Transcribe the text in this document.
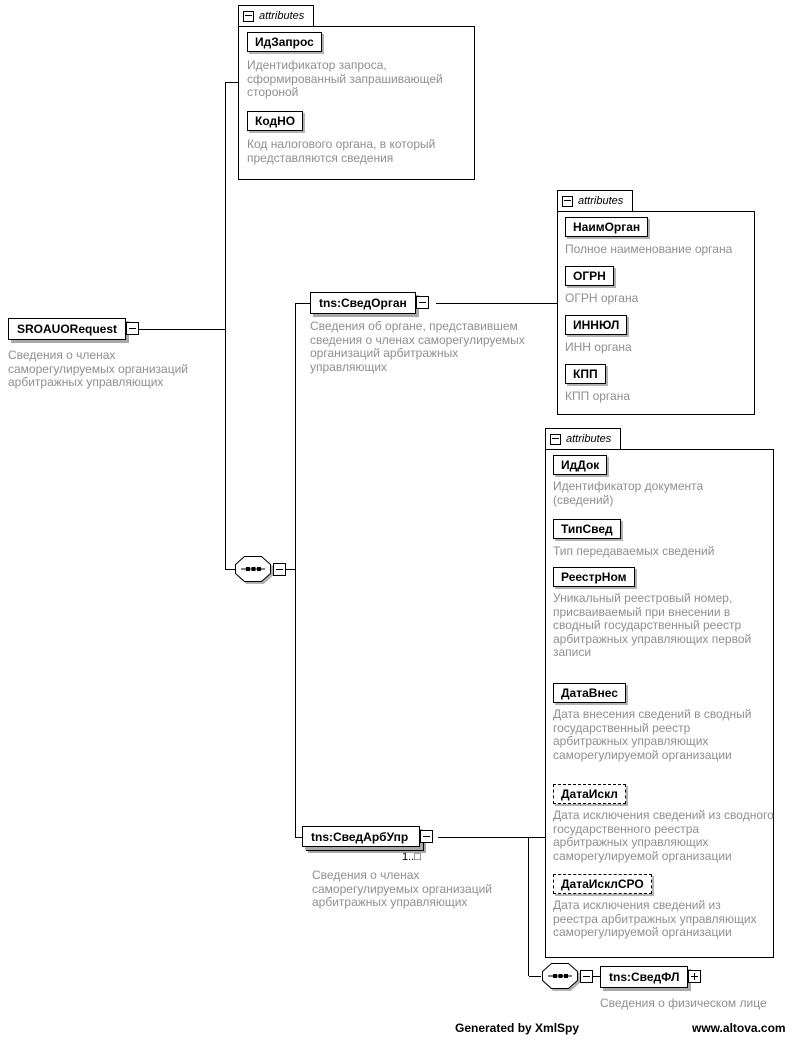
attributes
ИдЗапрос
Идентификатор запроса, сформированный запрашивающей стороной
КодНО
Код налогового органа, в который представляются сведения
attributes
НаимОрган
Полное наименование органа
ОГРН
ОГРН органа
ИННЮЛ
ИНН органа
КПП
КПП органа
attributes
ИдДок
Идентификатор документа (сведений)
ТипСвед
Тип передаваемых сведений
РеестрНом
Уникальный реестровый номер, присваиваемый при внесении в сводный государственный реестр арбитражных управляющих первой записи
ДатаВнес
Дата внесения сведений в сводный государственный реестр арбитражных управляющих саморегулируемой организации
ДатаИскл
Дата исключения сведений из сводного государственного реестра арбитражных управляющих саморегулируемой организации
ДатаИсклСРО
Дата исключения сведений из реестра арбитражных управляющих саморегулируемой организации
SROAUORequest
Сведения о членах саморегулируемых организаций арбитражных управляющих
tns:СведОрган
Сведения об органе, представившем сведения о членах саморегулируемых организаций арбитражных управляющих
tns:СведАрбУпр
1..□
Сведения о членах саморегулируемых организаций арбитражных управляющих
tns:СведФЛ
Сведения о физическом лице
Generated by XmlSpy	www.altova.com
